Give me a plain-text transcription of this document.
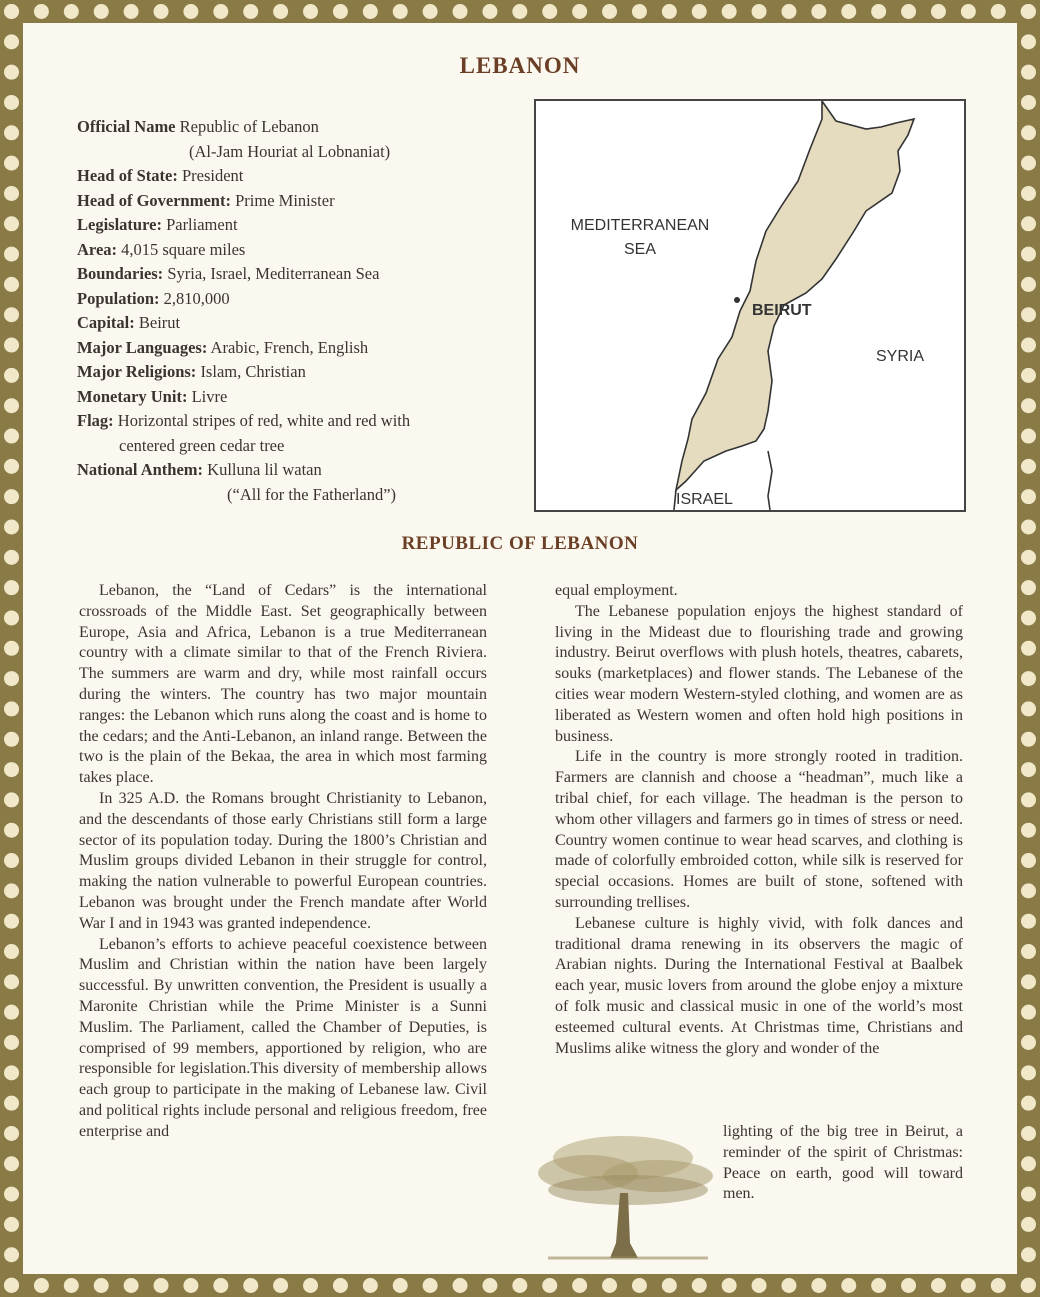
LEBANON
Official Name Republic of Lebanon
(Al-Jam Houriat al Lobnaniat)
Head of State: President
Head of Government: Prime Minister
Legislature: Parliament
Area: 4,015 square miles
Boundaries: Syria, Israel, Mediterranean Sea
Population: 2,810,000
Capital: Beirut
Major Languages: Arabic, French, English
Major Religions: Islam, Christian
Monetary Unit: Livre
Flag: Horizontal stripes of red, white and red with
centered green cedar tree
National Anthem: Kulluna lil watan
(“All for the Fatherland”)
MEDITERRANEAN
SEA
BEIRUT
SYRIA
ISRAEL
REPUBLIC OF LEBANON

Lebanon, the “Land of Cedars” is the international crossroads of the Middle East. Set geographically between Europe, Asia and Africa, Lebanon is a true Mediterranean country with a climate similar to that of the French Riviera. The summers are warm and dry, while most rainfall occurs during the winters. The country has two major mountain ranges: the Lebanon which runs along the coast and is home to the cedars; and the Anti-Lebanon, an inland range. Between the two is the plain of the Bekaa, the area in which most farming takes place.

In 325 A.D. the Romans brought Christianity to Lebanon, and the descendants of those early Christians still form a large sector of its population today. During the 1800’s Christian and Muslim groups divided Lebanon in their struggle for control, making the nation vulnerable to powerful European countries. Lebanon was brought under the French mandate after World War I and in 1943 was granted independence.

Lebanon’s efforts to achieve peaceful coexistence between Muslim and Christian within the nation have been largely successful. By unwritten convention, the President is usually a Maronite Christian while the Prime Minister is a Sunni Muslim. The Parliament, called the Chamber of Deputies, is comprised of 99 members, apportioned by religion, who are responsible for legislation.This diversity of membership allows each group to participate in the making of Lebanese law. Civil and political rights include personal and religious freedom, free enterprise and

equal employment.

The Lebanese population enjoys the highest standard of living in the Mideast due to flourishing trade and growing industry. Beirut overflows with plush hotels, theatres, cabarets, souks (marketplaces) and flower stands. The Lebanese of the cities wear modern Western-styled clothing, and women are as liberated as Western women and often hold high positions in business.

Life in the country is more strongly rooted in tradition. Farmers are clannish and choose a “headman”, much like a tribal chief, for each village. The headman is the person to whom other villagers and farmers go in times of stress or need. Country women continue to wear head scarves, and clothing is made of colorfully embroided cotton, while silk is reserved for special occasions. Homes are built of stone, softened with surrounding trellises.

Lebanese culture is highly vivid, with folk dances and traditional drama renewing in its observers the magic of Arabian nights. During the International Festival at Baalbek each year, music lovers from around the globe enjoy a mixture of folk music and classical music in one of the world’s most esteemed cultural events. At Christmas time, Christians and Muslims alike witness the glory and wonder of the

lighting of the big tree in Beirut, a reminder of the spirit of Christmas: Peace on earth, good will toward men.
